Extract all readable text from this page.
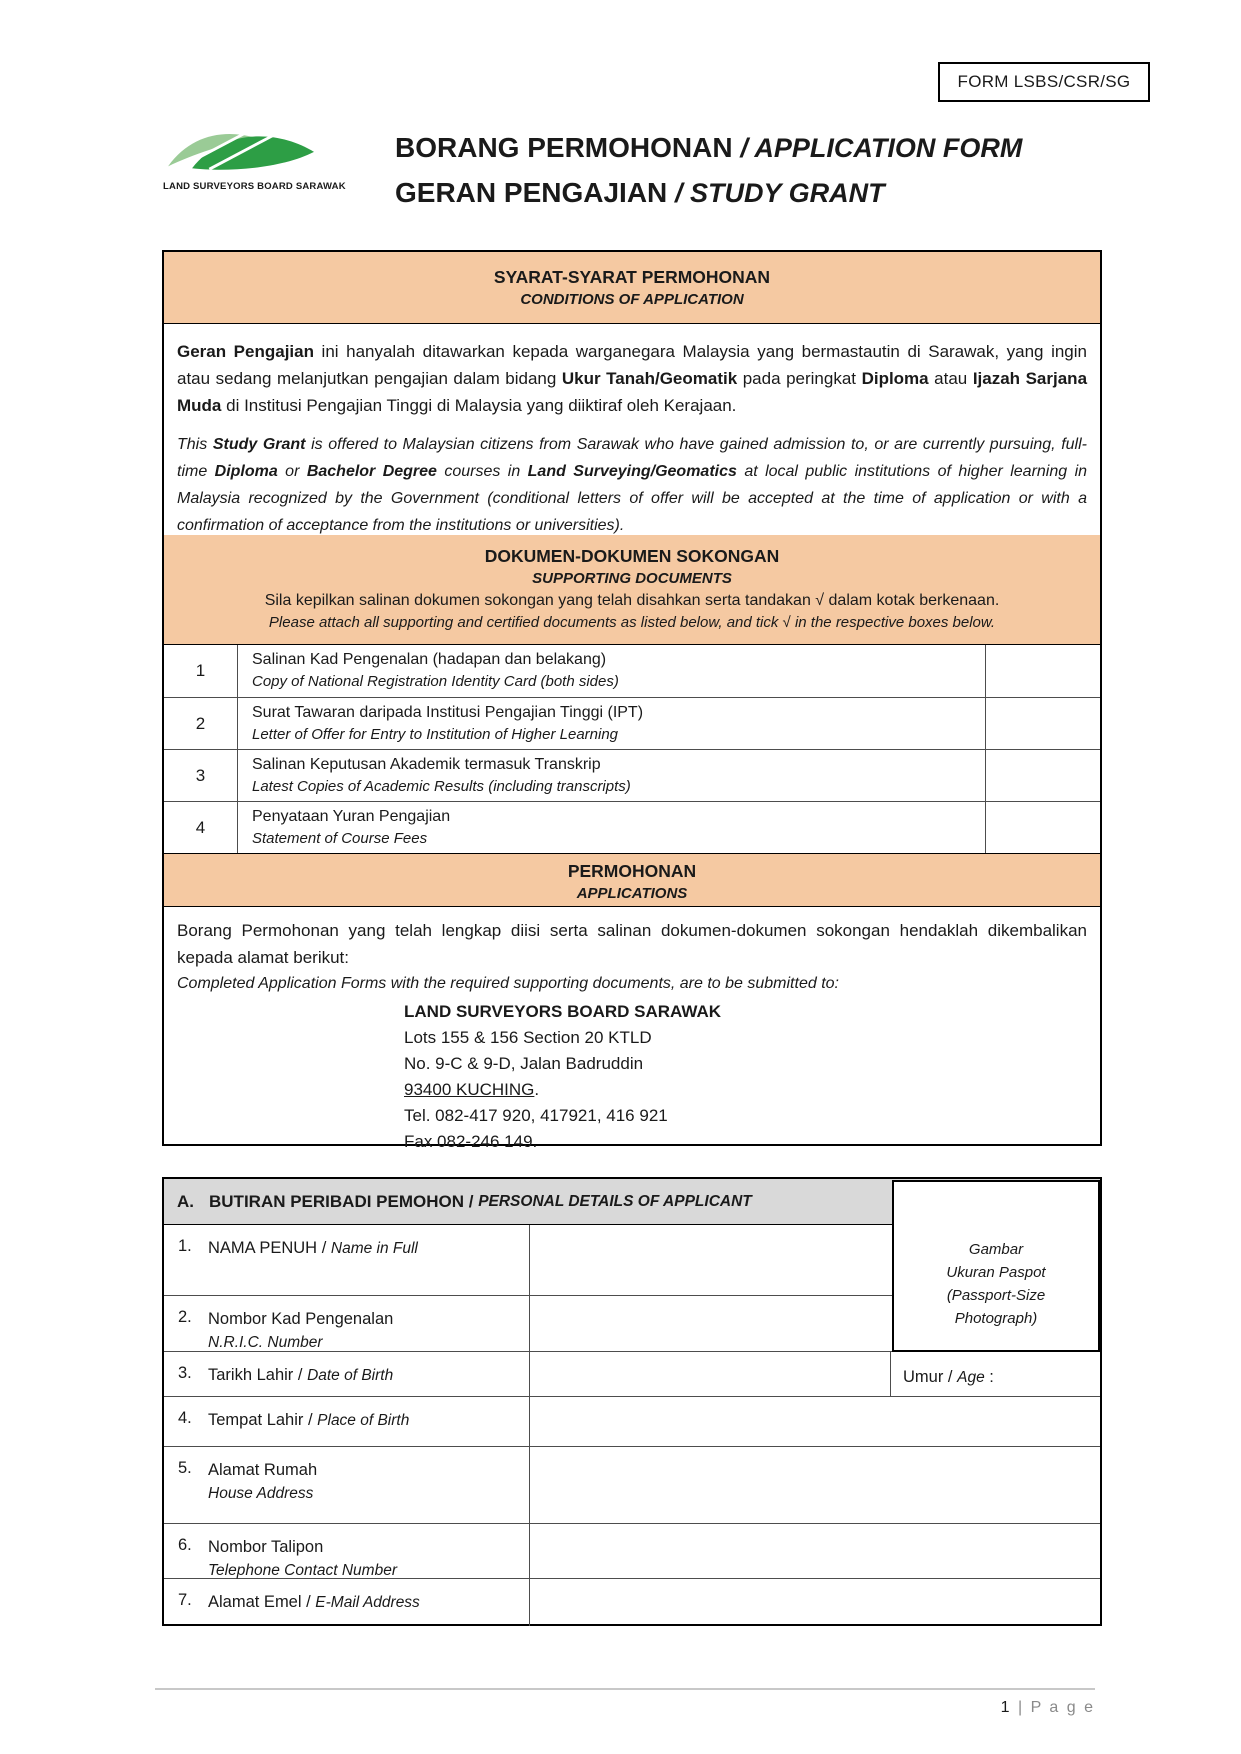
FORM LSBS/CSR/SG
LAND SURVEYORS BOARD SARAWAK
BORANG PERMOHONAN / APPLICATION FORM
GERAN PENGAJIAN / STUDY GRANT
SYARAT-SYARAT PERMOHONAN
CONDITIONS OF APPLICATION

Geran Pengajian ini hanyalah ditawarkan kepada warganegara Malaysia yang bermastautin di Sarawak, yang ingin atau sedang melanjutkan pengajian dalam bidang Ukur Tanah/Geomatik pada peringkat Diploma atau Ijazah Sarjana Muda di Institusi Pengajian Tinggi di Malaysia yang diiktiraf oleh Kerajaan.

This Study Grant is offered to Malaysian citizens from Sarawak who have gained admission to, or are currently pursuing, full-time Diploma or Bachelor Degree courses in Land Surveying/Geomatics at local public institutions of higher learning in Malaysia recognized by the Government (conditional letters of offer will be accepted at the time of application or with a confirmation of acceptance from the institutions or universities).

DOKUMEN-DOKUMEN SOKONGAN
SUPPORTING DOCUMENTS
Sila kepilkan salinan dokumen sokongan yang telah disahkan serta tandakan √ dalam kotak berkenaan.
Please attach all supporting and certified documents as listed below, and tick √ in the respective boxes below.
1
Salinan Kad Pengenalan (hadapan dan belakang)
Copy of National Registration Identity Card (both sides)
2
Surat Tawaran daripada Institusi Pengajian Tinggi (IPT)
Letter of Offer for Entry to Institution of Higher Learning
3
Salinan Keputusan Akademik termasuk Transkrip
Latest Copies of Academic Results (including transcripts)
4
Penyataan Yuran Pengajian
Statement of Course Fees
PERMOHONAN
APPLICATIONS

Borang Permohonan yang telah lengkap diisi serta salinan dokumen-dokumen sokongan hendaklah dikembalikan kepada alamat berikut:

Completed Application Forms with the required supporting documents, are to be submitted to:

LAND SURVEYORS BOARD SARAWAK
Lots 155 & 156 Section 20 KTLD
No. 9-C & 9-D, Jalan Badruddin
93400 KUCHING.
Tel. 082-417 920, 417921, 416 921
Fax 082-246 149.
A. BUTIRAN PERIBADI PEMOHON / PERSONAL DETAILS OF APPLICANT
1. NAMA PENUH / Name in Full
2. Nombor Kad Pengenalan
N.R.I.C. Number
3. Tarikh Lahir / Date of Birth	Umur / Age :
4. Tempat Lahir / Place of Birth
5. Alamat Rumah
House Address
6. Nombor Talipon
Telephone Contact Number
7. Alamat Emel / E-Mail Address
Gambar
Ukuran Paspot
(Passport-Size
Photograph)
1 | P a g e
